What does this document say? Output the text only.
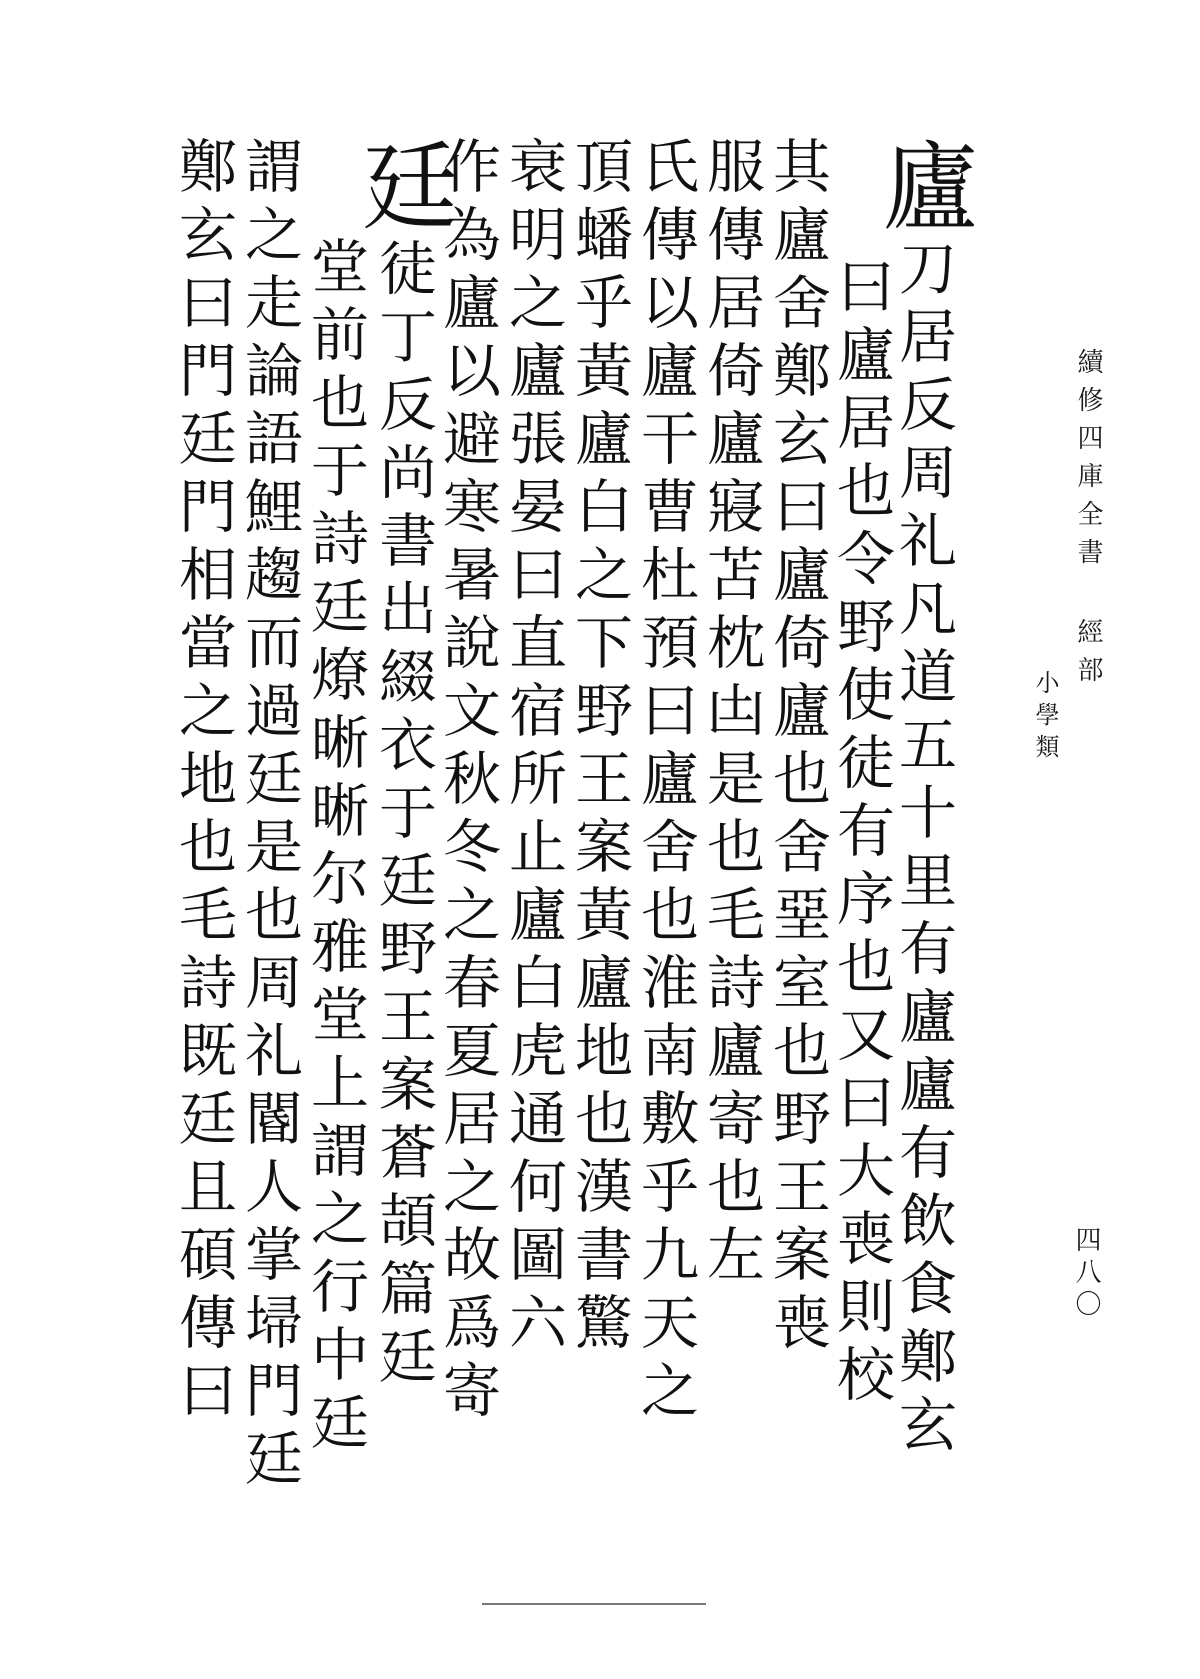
續修四庫全書
經部
小學類
四八〇
廬刀居反周礼凡道五十里有廬廬有飲食鄭玄
曰廬居也令野使徒有序也又曰大喪則校
其廬舍鄭玄曰廬倚廬也舍堊室也野王案喪
服傳居倚廬寢苫枕凷是也毛詩廬寄也左
氏傳以廬干曹杜預曰廬舍也淮南敷乎九天之
頂蟠乎黃廬白之下野王案黃廬地也漢書驚
衰明之廬張晏曰直宿所止廬白虎通何圖六
作為廬以避寒暑說文秋冬之春夏居之故爲寄
廷徒丁反尚書出綴衣于廷野王案蒼頡篇廷
堂前也于詩廷燎晰晰尔雅堂上謂之行中廷
謂之走論語鯉趨而過廷是也周礼閽人掌埽門廷
鄭玄曰門廷門相當之地也毛詩既廷且碩傳曰
